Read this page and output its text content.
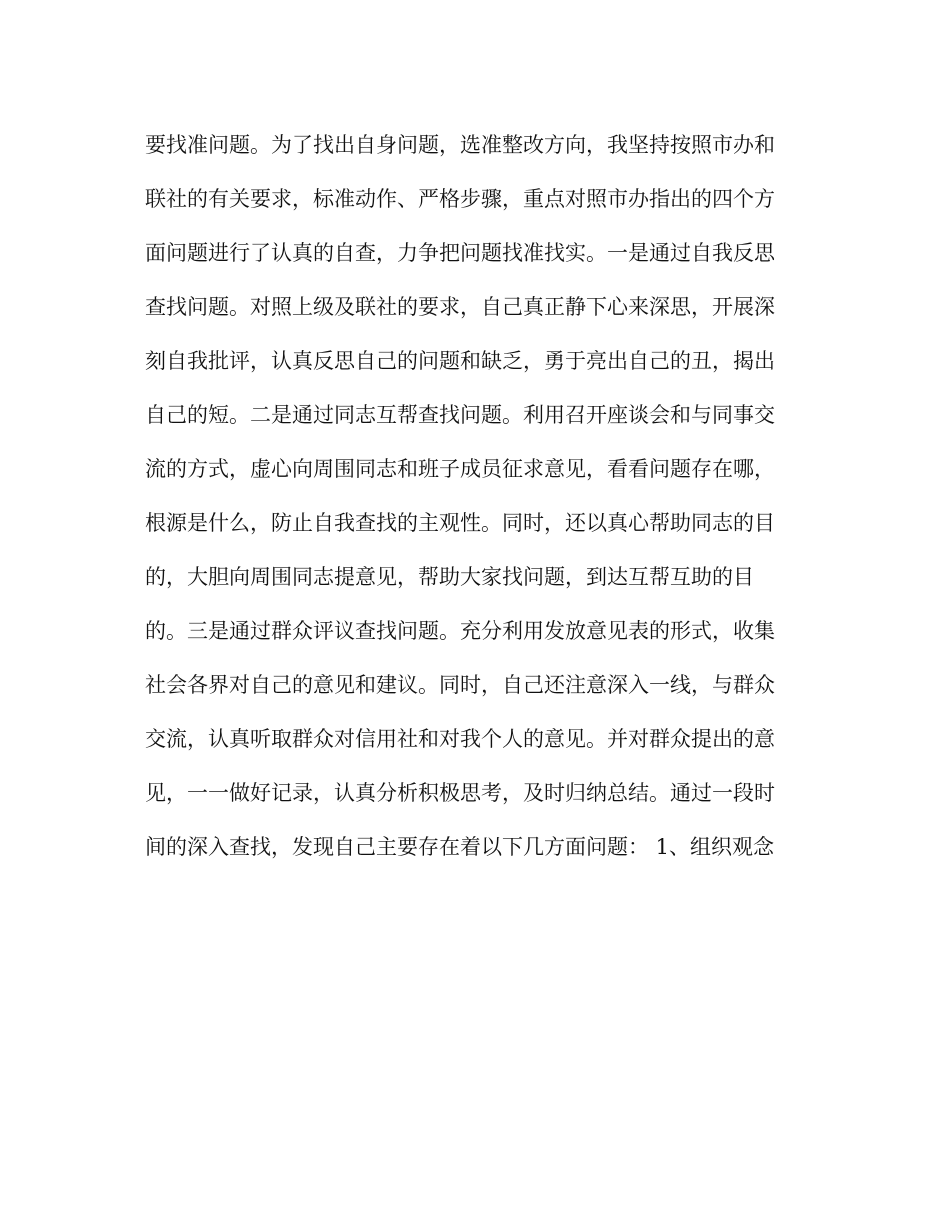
要找准问题。为了找出自身问题，选准整改方向，我坚持按照市办和
联社的有关要求，标准动作、严格步骤，重点对照市办指出的四个方
面问题进行了认真的自查，力争把问题找准找实。一是通过自我反思
查找问题。对照上级及联社的要求，自己真正静下心来深思，开展深
刻自我批评，认真反思自己的问题和缺乏，勇于亮出自己的丑，揭出
自己的短。二是通过同志互帮查找问题。利用召开座谈会和与同事交
流的方式，虚心向周围同志和班子成员征求意见，看看问题存在哪，
根源是什么，防止自我查找的主观性。同时，还以真心帮助同志的目
的，大胆向周围同志提意见，帮助大家找问题，到达互帮互助的目
的。三是通过群众评议查找问题。充分利用发放意见表的形式，收集
社会各界对自己的意见和建议。同时，自己还注意深入一线，与群众
交流，认真听取群众对信用社和对我个人的意见。并对群众提出的意
见，一一做好记录，认真分析积极思考，及时归纳总结。通过一段时
间的深入查找，发现自己主要存在着以下几方面问题： 1、组织观念
